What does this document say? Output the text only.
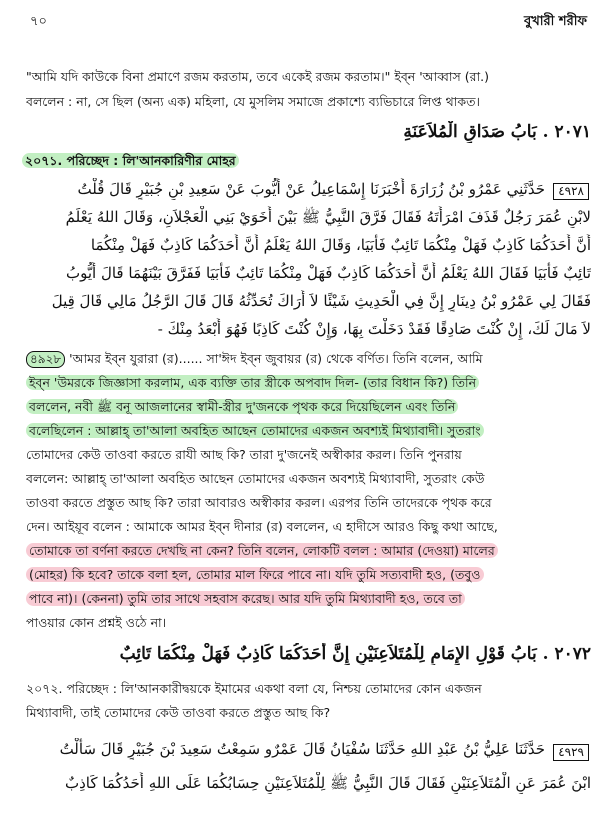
৭০	বুখারী শরীফ
"আমি যদি কাউকে বিনা প্রমাণে রজম করতাম, তবে একেই রজম করতাম।" ইব্‌ন 'আব্বাস (রা.)
বললেন : না, সে ছিল (অন্য এক) মহিলা, যে মুসলিম সমাজে প্রকাশ্যে ব্যভিচারে লিপ্ত থাকত।
٢٠٧١ . بَابُ صَدَاقِ الْمُلاَعَنَةِ
২০৭১. পরিচ্ছেদ : লি'আনকারিণীর মোহর
حَدَّثَنِي عَمْرُو بْنُ زُرَارَةَ أَخْبَرَنَا إِسْمَاعِيلُ عَنْ أَيُّوبَ عَنْ سَعِيدِ بْنِ جُبَيْرٍ قَالَ قُلْتُ	٤٩٢٨
لابْنِ عُمَرَ رَجُلٌ قَذَفَ امْرَأَتَهُ فَقَالَ فَرَّقَ النَّبِيُّ ﷺ بَيْنَ أَخَوَيْ بَنِي الْعَجْلاَنِ، وَقَالَ اللهُ يَعْلَمُ
أَنَّ أَحَدَكُمَا كَاذِبٌ فَهَلْ مِنْكُمَا تَائِبٌ فَأَبَيَا، وَقَالَ اللهُ يَعْلَمُ أَنَّ أَحَدَكُمَا كَاذِبٌ فَهَلْ مِنْكُمَا
تَائِبٌ فَأَبَيَا فَقَالَ اللهُ يَعْلَمُ أَنَّ أَحَدَكُمَا كَاذِبٌ فَهَلْ مِنْكُمَا تَائِبٌ فَأَبَيَا فَفَرَّقَ بَيْنَهُمَا قَالَ أَيُّوبُ
فَقَالَ لِي عَمْرُو بْنُ دِينَارٍ إِنَّ فِي الْحَدِيثِ شَيْئًا لاَ أَرَاكَ تُحَدِّثُهُ قَالَ قَالَ الرَّجُلُ مَالِي قَالَ قِيلَ
لاَ مَالَ لَكَ، إِنْ كُنْتَ صَادِقًا فَقَدْ دَخَلْتَ بِهَا، وَإِنْ كُنْتَ كَاذِبًا فَهُوَ أَبْعَدُ مِنْكَ -
৪৯২৮ 'আমর ইব্‌ন যুরারা (র)...... সা'ঈদ ইব্‌ন জুবায়র (র) থেকে বর্ণিত। তিনি বলেন, আমি
ইব্‌ন 'উমরকে জিজ্ঞাসা করলাম, এক ব্যক্তি তার স্ত্রীকে অপবাদ দিল- (তার বিধান কি?) তিনি
বললেন, নবী ﷺ বনূ আজলানের স্বামী-স্ত্রীর দু'জনকে পৃথক করে দিয়েছিলেন এবং তিনি
বলেছিলেন : আল্লাহ্ তা'আলা অবহিত আছেন তোমাদের একজন অবশ্যই মিথ্যাবাদী। সুতরাং
তোমাদের কেউ তাওবা করতে রাযী আছ কি? তারা দু'জনেই অস্বীকার করল। তিনি পুনরায়
বললেন: আল্লাহ্ তা'আলা অবহিত আছেন তোমাদের একজন অবশ্যই মিথ্যাবাদী, সুতরাং কেউ
তাওবা করতে প্রস্তুত আছ কি? তারা আবারও অস্বীকার করল। এরপর তিনি তাদেরকে পৃথক করে
দেন। আইয়ূব বলেন : আমাকে আমর ইব্‌ন দীনার (র) বললেন, এ হাদীসে আরও কিছু কথা আছে,
তোমাকে তা বর্ণনা করতে দেখছি না কেন? তিনি বলেন, লোকটি বলল : আমার (দেওয়া) মালের
(মোহর) কি হবে? তাকে বলা হল, তোমার মাল ফিরে পাবে না। যদি তুমি সত্যবাদী হও, (তবুও
পাবে না)। (কেননা) তুমি তার সাথে সহবাস করেছ। আর যদি তুমি মিথ্যাবাদী হও, তবে তা
পাওয়ার কোন প্রশ্নই ওঠে না।
٢٠٧٢ . بَابُ قَوْلِ الإِمَامِ لِلْمُتَلاَعِنَيْنِ إِنَّ أَحَدَكُمَا كَاذِبٌ فَهَلْ مِنْكُمَا تَائِبٌ
২০৭২. পরিচ্ছেদ : লি'আনকারীদ্বয়কে ইমামের একথা বলা যে, নিশ্চয় তোমাদের কোন একজন
মিথ্যাবাদী, তাই তোমাদের কেউ তাওবা করতে প্রস্তুত আছ কি?
حَدَّثَنَا عَلِيُّ بْنُ عَبْدِ اللهِ حَدَّثَنَا سُفْيَانُ قَالَ عَمْرٌو سَمِعْتُ سَعِيدَ بْنَ جُبَيْرٍ قَالَ سَأَلْتُ	٤٩٢٩
ابْنَ عُمَرَ عَنِ الْمُتَلاَعِنَيْنِ فَقَالَ قَالَ النَّبِيُّ ﷺ لِلْمُتَلاَعِنَيْنِ حِسَابُكُمَا عَلَى اللهِ أَحَدُكُمَا كَاذِبٌ
